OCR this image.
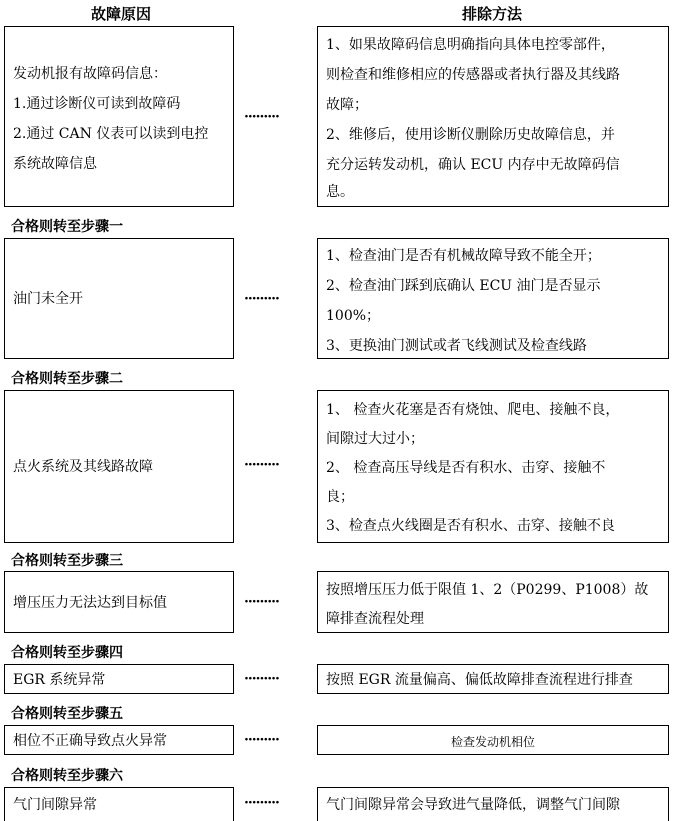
故障原因	排除方法
发动机报有故障码信息：
1.通过诊断仪可读到故障码
2.通过 CAN 仪表可以读到电控
系统故障信息
·········
1、如果故障码信息明确指向具体电控零部件，
则检查和维修相应的传感器或者执行器及其线路
故障；
2、维修后，使用诊断仪删除历史故障信息，并
充分运转发动机，确认 ECU 内存中无故障码信
息。
合格则转至步骤一
油门未全开	·········
1、检查油门是否有机械故障导致不能全开；
2、检查油门踩到底确认 ECU 油门是否显示
100%；
3、更换油门测试或者飞线测试及检查线路
合格则转至步骤二
点火系统及其线路故障	·········
1、 检查火花塞是否有烧蚀、爬电、接触不良，
间隙过大过小；
2、 检查高压导线是否有积水、击穿、接触不
良；
3、检查点火线圈是否有积水、击穿、接触不良
合格则转至步骤三
增压压力无法达到目标值	·········
按照增压压力低于限值 1、2（P0299、P1008）故
障排查流程处理
合格则转至步骤四
EGR 系统异常	·········	按照 EGR 流量偏高、偏低故障排查流程进行排查
合格则转至步骤五
相位不正确导致点火异常	·········	检查发动机相位
合格则转至步骤六
气门间隙异常	·········	气门间隙异常会导致进气量降低，调整气门间隙
